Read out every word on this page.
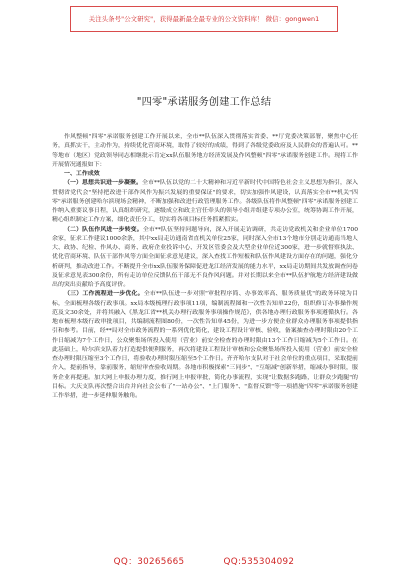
关注头条号"公文研究"，获得最新最全最专业的公文资料库！ 微信：gongwen1
"四零"承诺服务创建工作总结

作风整顿"四零"承诺服务创建工作开展以来，全市**队伍深入贯彻落实省委、**厅党委决策部署，聚焦中心任务，真抓实干，主动作为，持续优化营商环境，取得了较好的成绩，得到了各级党委政府及人民群众的普遍认可。**等地市（地区）党政领导同志相继批示肯定xx队伍服务地方经济发展及作风整顿"四零"承诺服务创建工作。现将工作开展情况通报如下：

一、工作成效

（一）思想共识进一步凝聚。全市**队伍以党的二十大精神和习近平新时代中国特色社会主义思想为指引，深入贯彻省党代会"坚持把改进干部作风作为振兴发展的重要保证"的要求，切实加强作风建设，认真落实全市**机关"四零"承诺服务创建哈尔滨现场会精神，不断加强和改进行政管理服务工作。各级队伍将作风整顿"四零"承诺服务创建工作纳入重要议事日程，认真组织研究，逐级成立和政主官任牵头的领导小组并组建专项办公室，统筹协调工作开展，精心组织制定工作方案，细化责任分工，切实将各项目标任务抓紧抓实。

（二）队伍作风进一步转变。全市**队伍坚持问题导向，深入开展走访调研，共走访党政机关和企业单位1700余家，征求工作建议1000余条，其中xx局走访通南省直机关单位25家，同时深入全市13个地市分别走访通南当地人大、政协、纪检、作风办、商务、政府企业投诉中心、开发区管委会及大型企业单位近300家，进一步就督察执法、优化营商环境、队伍干部作风等方面全面征求意见建议，深入查找工作短板和队伍作风建设方面存在的问题，强化分析研判，推动改进工作。不断提升全市xx队伍服务保障促进龙江经济发展的能力水平，xx局走访期间共发放调查问卷及征求意见表300余份，所有走访单位反馈队伍干部无不良作风问题。并对长期以来全市**队伍护航地方经济建设做出的突出贡献给予高度评价。

（三）工作流程进一步优化。全市**队伍进一步对照"审批程序简、办事效率高、服务质量优"的政务环境为目标，全面梳理各级行政事项。xx局本级梳理行政事项11项，编制流程图和一次性告知单22份，组织修订办事操作规范及文30余处，并将其融入《黑龙江省**机关办理行政服务事项操作规范》，供各地办理行政服务事项遵循执行。各地市梳理本级行政审批项目，共编制流程图80份，一次性告知单45份，为进一步方便企业群众办理服务事项提供指引和参考。目前，经**局对全市政务流程的一系列优化简化，建设工程设计审核、验收，备案抽查办理时限由20个工作日缩减为7个工作日，公众聚集场所投入使用（营业）前安全检查的办理时限由13个工作日缩减为5个工作日。在此基础上，哈尔滨支队着力打造提供便利服务，再次将建设工程设计审核和公众聚集场所投入使用（营业）前安全检查办理时限压缩至3个工作日，将验收办理时限压缩至5个工作日。齐齐哈尔支队对于社会单位的重点项目，采取提前介入，提前指导，靠前服务，缩短审查验收周期。各地市积极探索"三同步"、"互缩减"创新举措，缩减办事时限，服务企业再提速。加大网上申报办理力度，推行网上申报审批，简化办事流程，实现"让数据多跑路，让群众少跑腿"的目标。大庆支队再次整合出台并向社会公布了"一站办公"、"上门服务"、"监督反馈"等一项措施"四零"承诺服务创建工作举措，进一步延伸服务触角。

QQ：30265665	QQ:535304092
